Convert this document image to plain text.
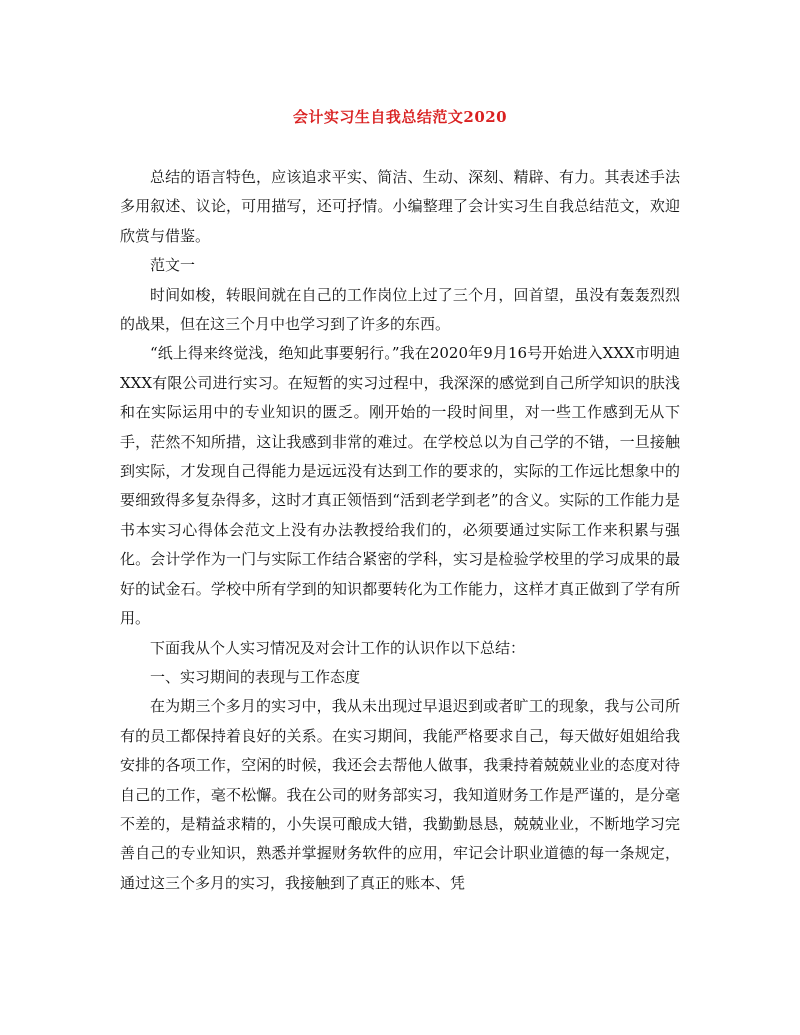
会计实习生自我总结范文2020

总结的语言特色，应该追求平实、简洁、生动、深刻、精辟、有力。其表述手法多用叙述、议论，可用描写，还可抒情。小编整理了会计实习生自我总结范文，欢迎欣赏与借鉴。

范文一

时间如梭，转眼间就在自己的工作岗位上过了三个月，回首望，虽没有轰轰烈烈的战果，但在这三个月中也学习到了许多的东西。

“纸上得来终觉浅，绝知此事要躬行。”我在2020年9月16号开始进入XXX市明迪XXX有限公司进行实习。在短暂的实习过程中，我深深的感觉到自己所学知识的肤浅和在实际运用中的专业知识的匮乏。刚开始的一段时间里，对一些工作感到无从下手，茫然不知所措，这让我感到非常的难过。在学校总以为自己学的不错，一旦接触到实际，才发现自己得能力是远远没有达到工作的要求的，实际的工作远比想象中的要细致得多复杂得多，这时才真正领悟到“活到老学到老”的含义。实际的工作能力是书本实习心得体会范文上没有办法教授给我们的，必须要通过实际工作来积累与强化。会计学作为一门与实际工作结合紧密的学科，实习是检验学校里的学习成果的最好的试金石。学校中所有学到的知识都要转化为工作能力，这样才真正做到了学有所用。

下面我从个人实习情况及对会计工作的认识作以下总结：

一、实习期间的表现与工作态度

在为期三个多月的实习中，我从未出现过早退迟到或者旷工的现象，我与公司所有的员工都保持着良好的关系。在实习期间，我能严格要求自己，每天做好姐姐给我安排的各项工作，空闲的时候，我还会去帮他人做事，我秉持着兢兢业业的态度对待自己的工作，毫不松懈。我在公司的财务部实习，我知道财务工作是严谨的，是分毫不差的，是精益求精的，小失误可酿成大错，我勤勤恳恳，兢兢业业，不断地学习完善自己的专业知识，熟悉并掌握财务软件的应用，牢记会计职业道德的每一条规定，通过这三个多月的实习，我接触到了真正的账本、凭
